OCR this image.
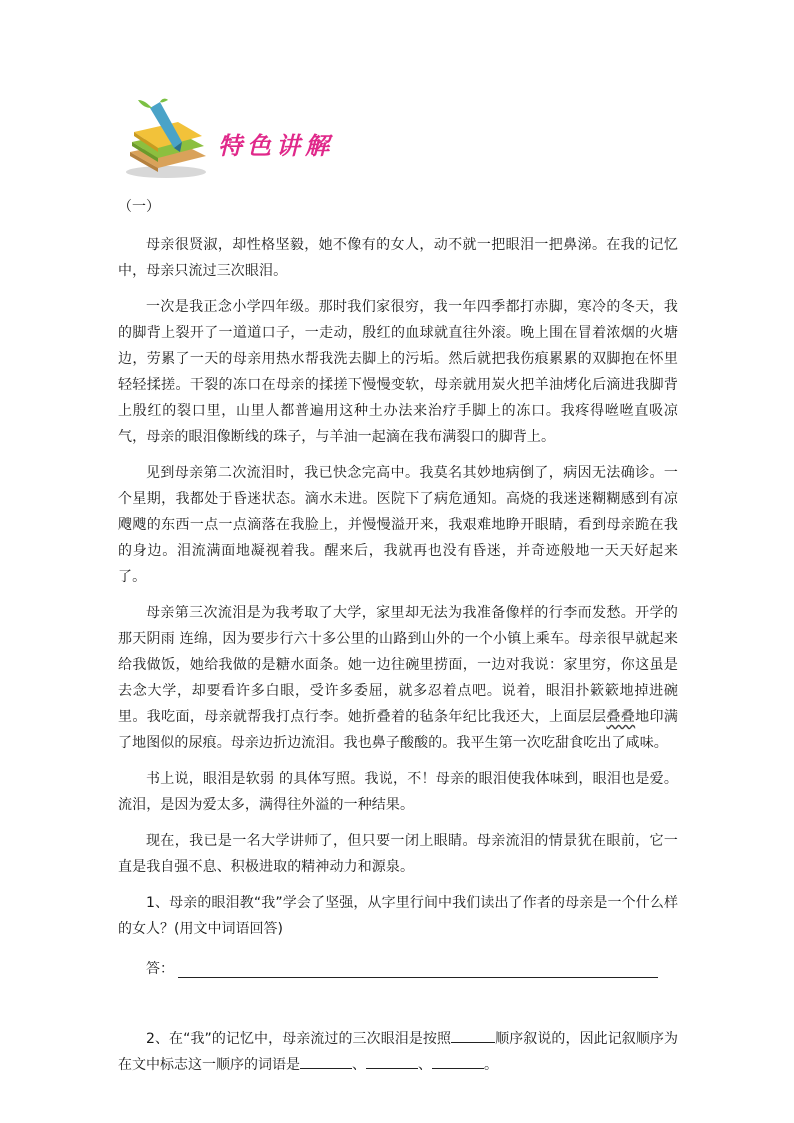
特色讲解
（一）

母亲很贤淑，却性格坚毅，她不像有的女人，动不就一把眼泪一把鼻涕。在我的记忆中，母亲只流过三次眼泪。

一次是我正念小学四年级。那时我们家很穷，我一年四季都打赤脚，寒冷的冬天，我的脚背上裂开了一道道口子，一走动，殷红的血球就直往外滚。晚上围在冒着浓烟的火塘边，劳累了一天的母亲用热水帮我洗去脚上的污垢。然后就把我伤痕累累的双脚抱在怀里轻轻揉搓。干裂的冻口在母亲的揉搓下慢慢变软，母亲就用炭火把羊油烤化后滴进我脚背上殷红的裂口里，山里人都普遍用这种土办法来治疗手脚上的冻口。我疼得咝咝直吸凉气，母亲的眼泪像断线的珠子，与羊油一起滴在我布满裂口的脚背上。

见到母亲第二次流泪时，我已快念完高中。我莫名其妙地病倒了，病因无法确诊。一个星期，我都处于昏迷状态。滴水未进。医院下了病危通知。高烧的我迷迷糊糊感到有凉飕飕的东西一点一点滴落在我脸上，并慢慢溢开来，我艰难地睁开眼睛，看到母亲跪在我的身边。泪流满面地凝视着我。醒来后，我就再也没有昏迷，并奇迹般地一天天好起来了。

母亲第三次流泪是为我考取了大学，家里却无法为我准备像样的行李而发愁。开学的那天阴雨 连绵，因为要步行六十多公里的山路到山外的一个小镇上乘车。母亲很早就起来给我做饭，她给我做的是糖水面条。她一边往碗里捞面，一边对我说：家里穷，你这虽是去念大学，却要看许多白眼，受许多委屈，就多忍着点吧。说着，眼泪扑簌簌地掉进碗里。我吃面，母亲就帮我打点行李。她折叠着的毡条年纪比我还大，上面层层叠叠地印满了地图似的尿痕。母亲边折边流泪。我也鼻子酸酸的。我平生第一次吃甜食吃出了咸味。

书上说，眼泪是软弱 的具体写照。我说，不！母亲的眼泪使我体味到，眼泪也是爱。流泪，是因为爱太多，满得往外溢的一种结果。

现在，我已是一名大学讲师了，但只要一闭上眼睛。母亲流泪的情景犹在眼前，它一直是我自强不息、积极进取的精神动力和源泉。

1、母亲的眼泪教“我”学会了坚强，从字里行间中我们读出了作者的母亲是一个什么样的女人？(用文中词语回答)

答：

2、在“我”的记忆中，母亲流过的三次眼泪是按照	顺序叙说的，因此记叙顺序为在文中标志这一顺序的词语是	、	、	。
